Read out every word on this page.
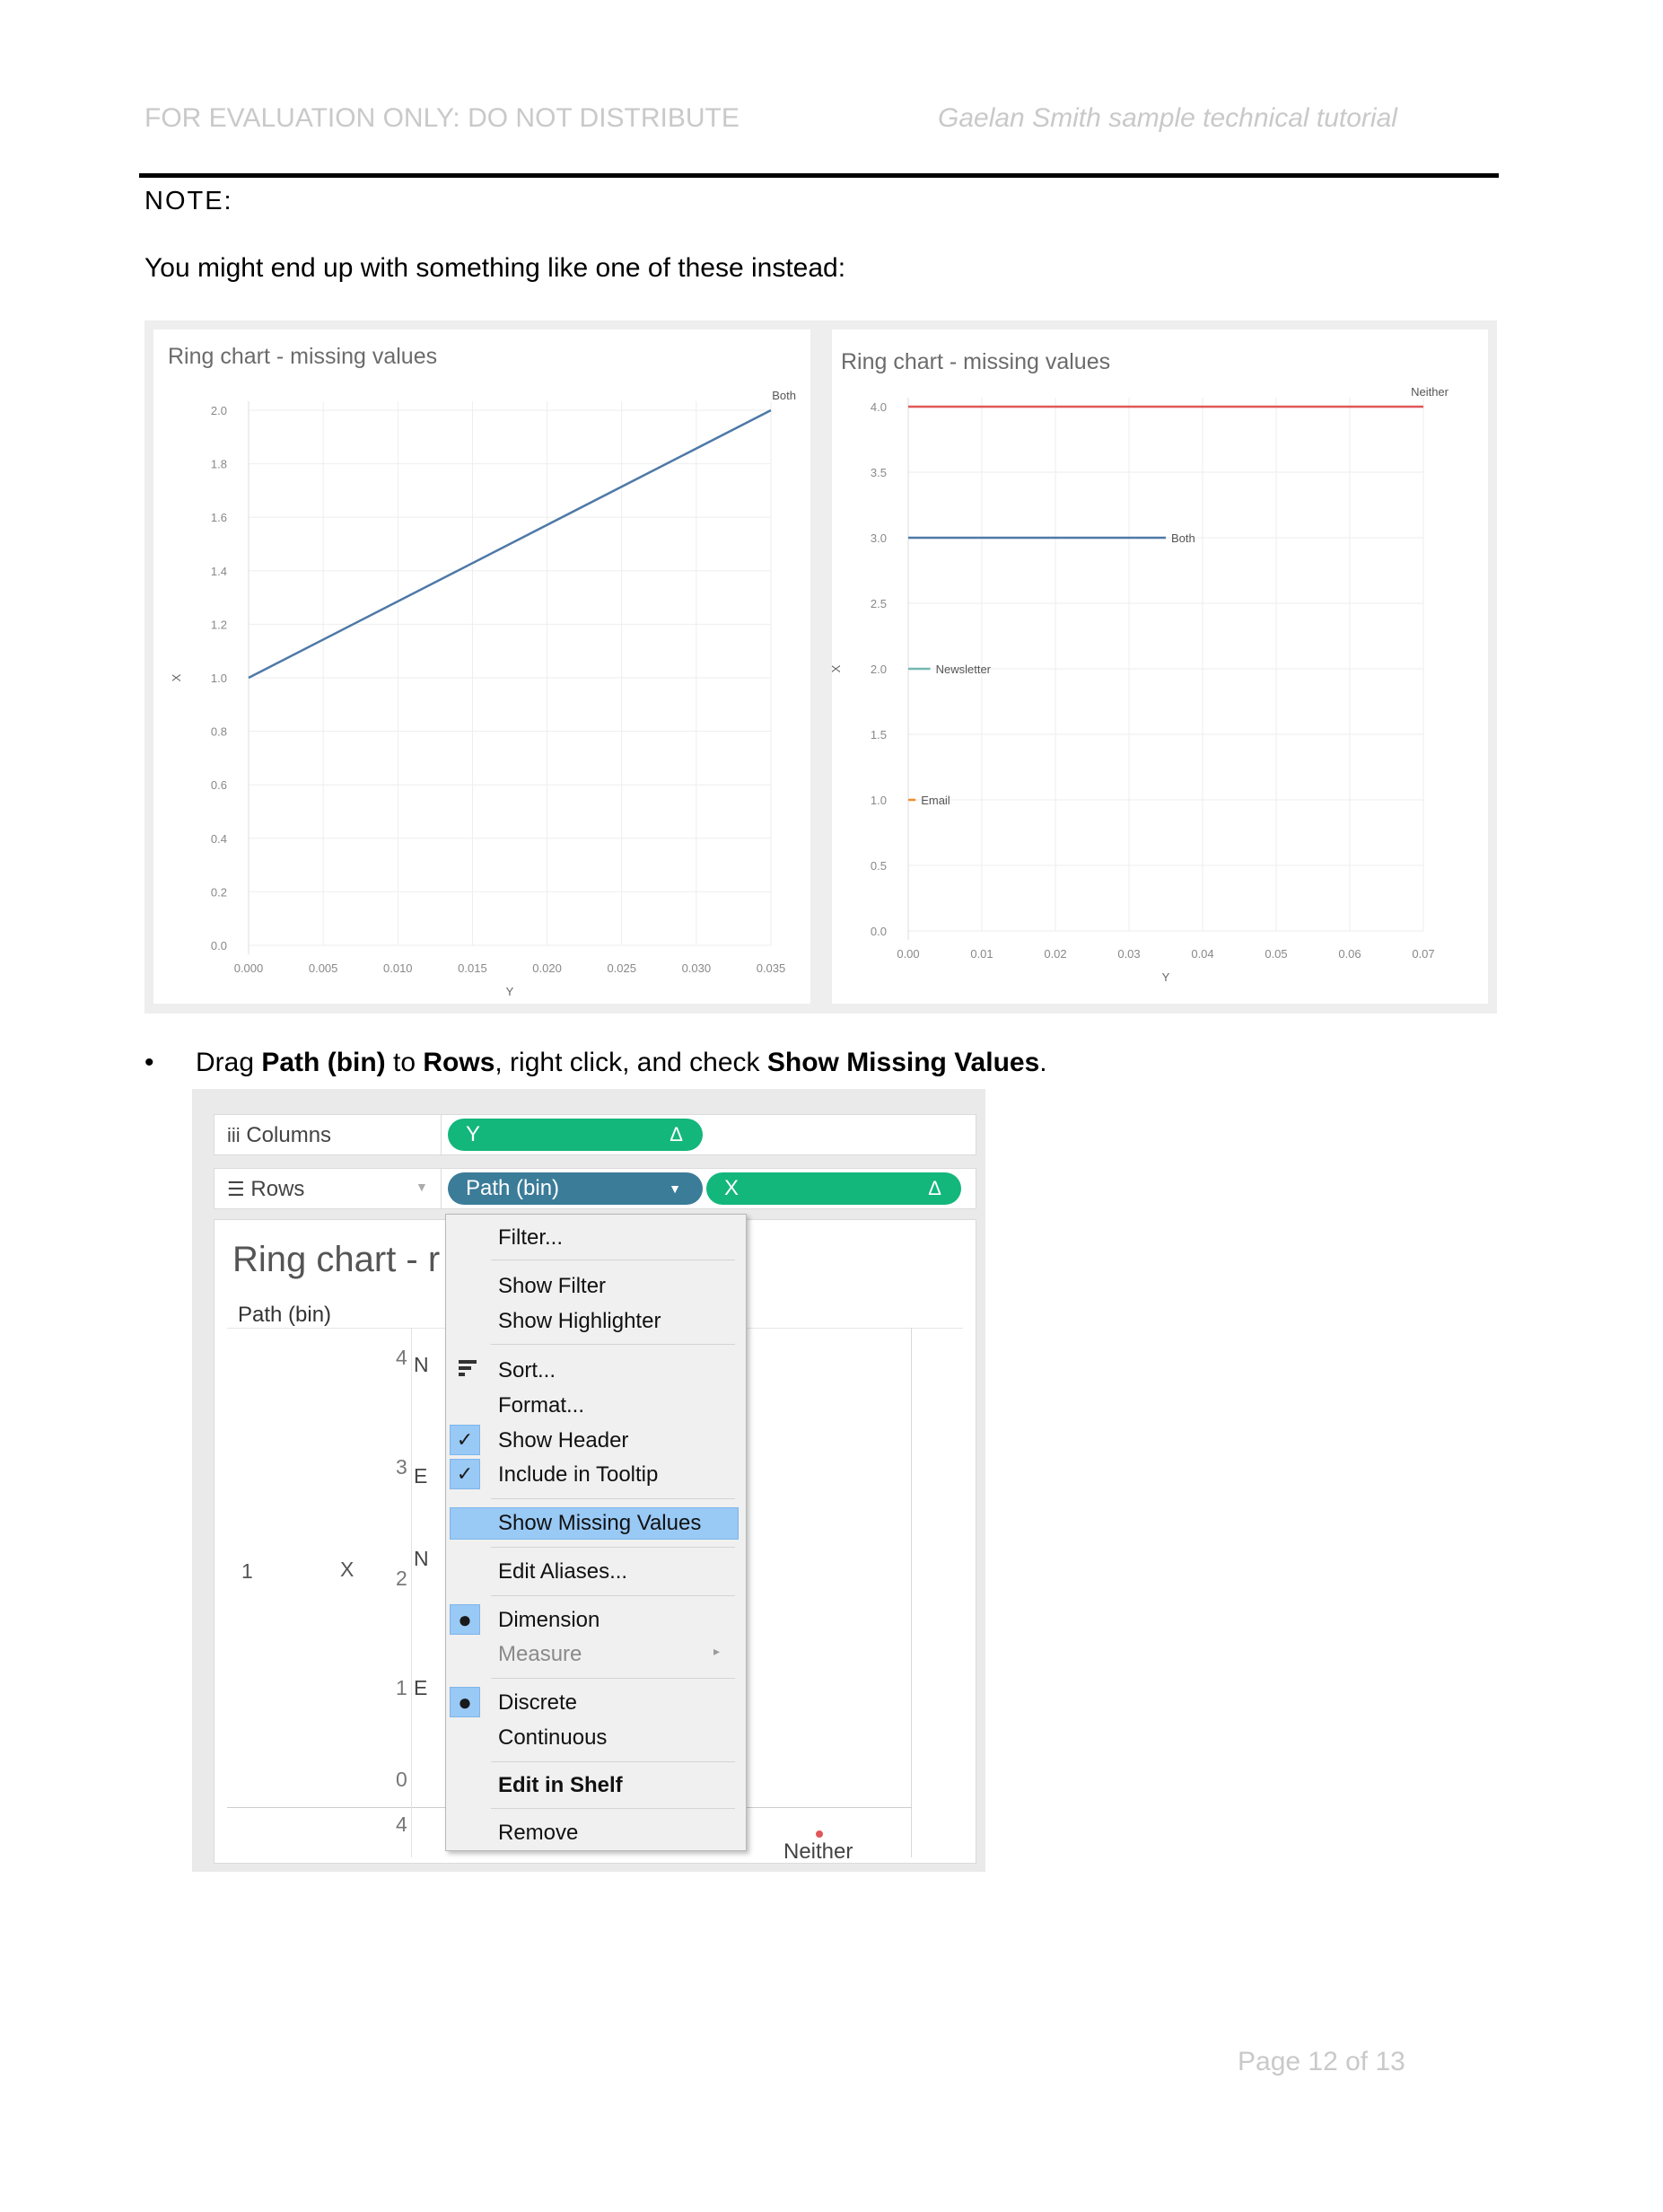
FOR EVALUATION ONLY: DO NOT DISTRIBUTE	Gaelan Smith sample technical tutorial
NOTE:
You might end up with something like one of these instead:
Ring chart - missing values
0.0
0.2
0.4
0.6
0.8
1.0
1.2
1.4
1.6
1.8
2.0
0.000	0.005	0.010	0.015	0.020	0.025	0.030	0.035
Y
X
Both
Ring chart - missing values
0.0
0.5
1.0
1.5
2.0
2.5
3.0
3.5
4.0
0.00	0.01	0.02	0.03	0.04	0.05	0.06	0.07
Y
X
Neither
Both
Newsletter
Email
• Drag Path (bin) to Rows, right click, and check Show Missing Values.
iii Columns	Y	Δ
☰ Rows	▼	Path (bin)	▼	X	Δ
Ring chart - r
Path (bin)
1	X
4
3
2
1
0
4
N
E
N
E
Neither
Filter...
Show Filter
Show Highlighter
Sort...
Format...
✓	Show Header
✓	Include in Tooltip
Show Missing Values
Edit Aliases...
●	Dimension
Measure	▸
●	Discrete
Continuous
Edit in Shelf
Remove
Page 12 of 13
